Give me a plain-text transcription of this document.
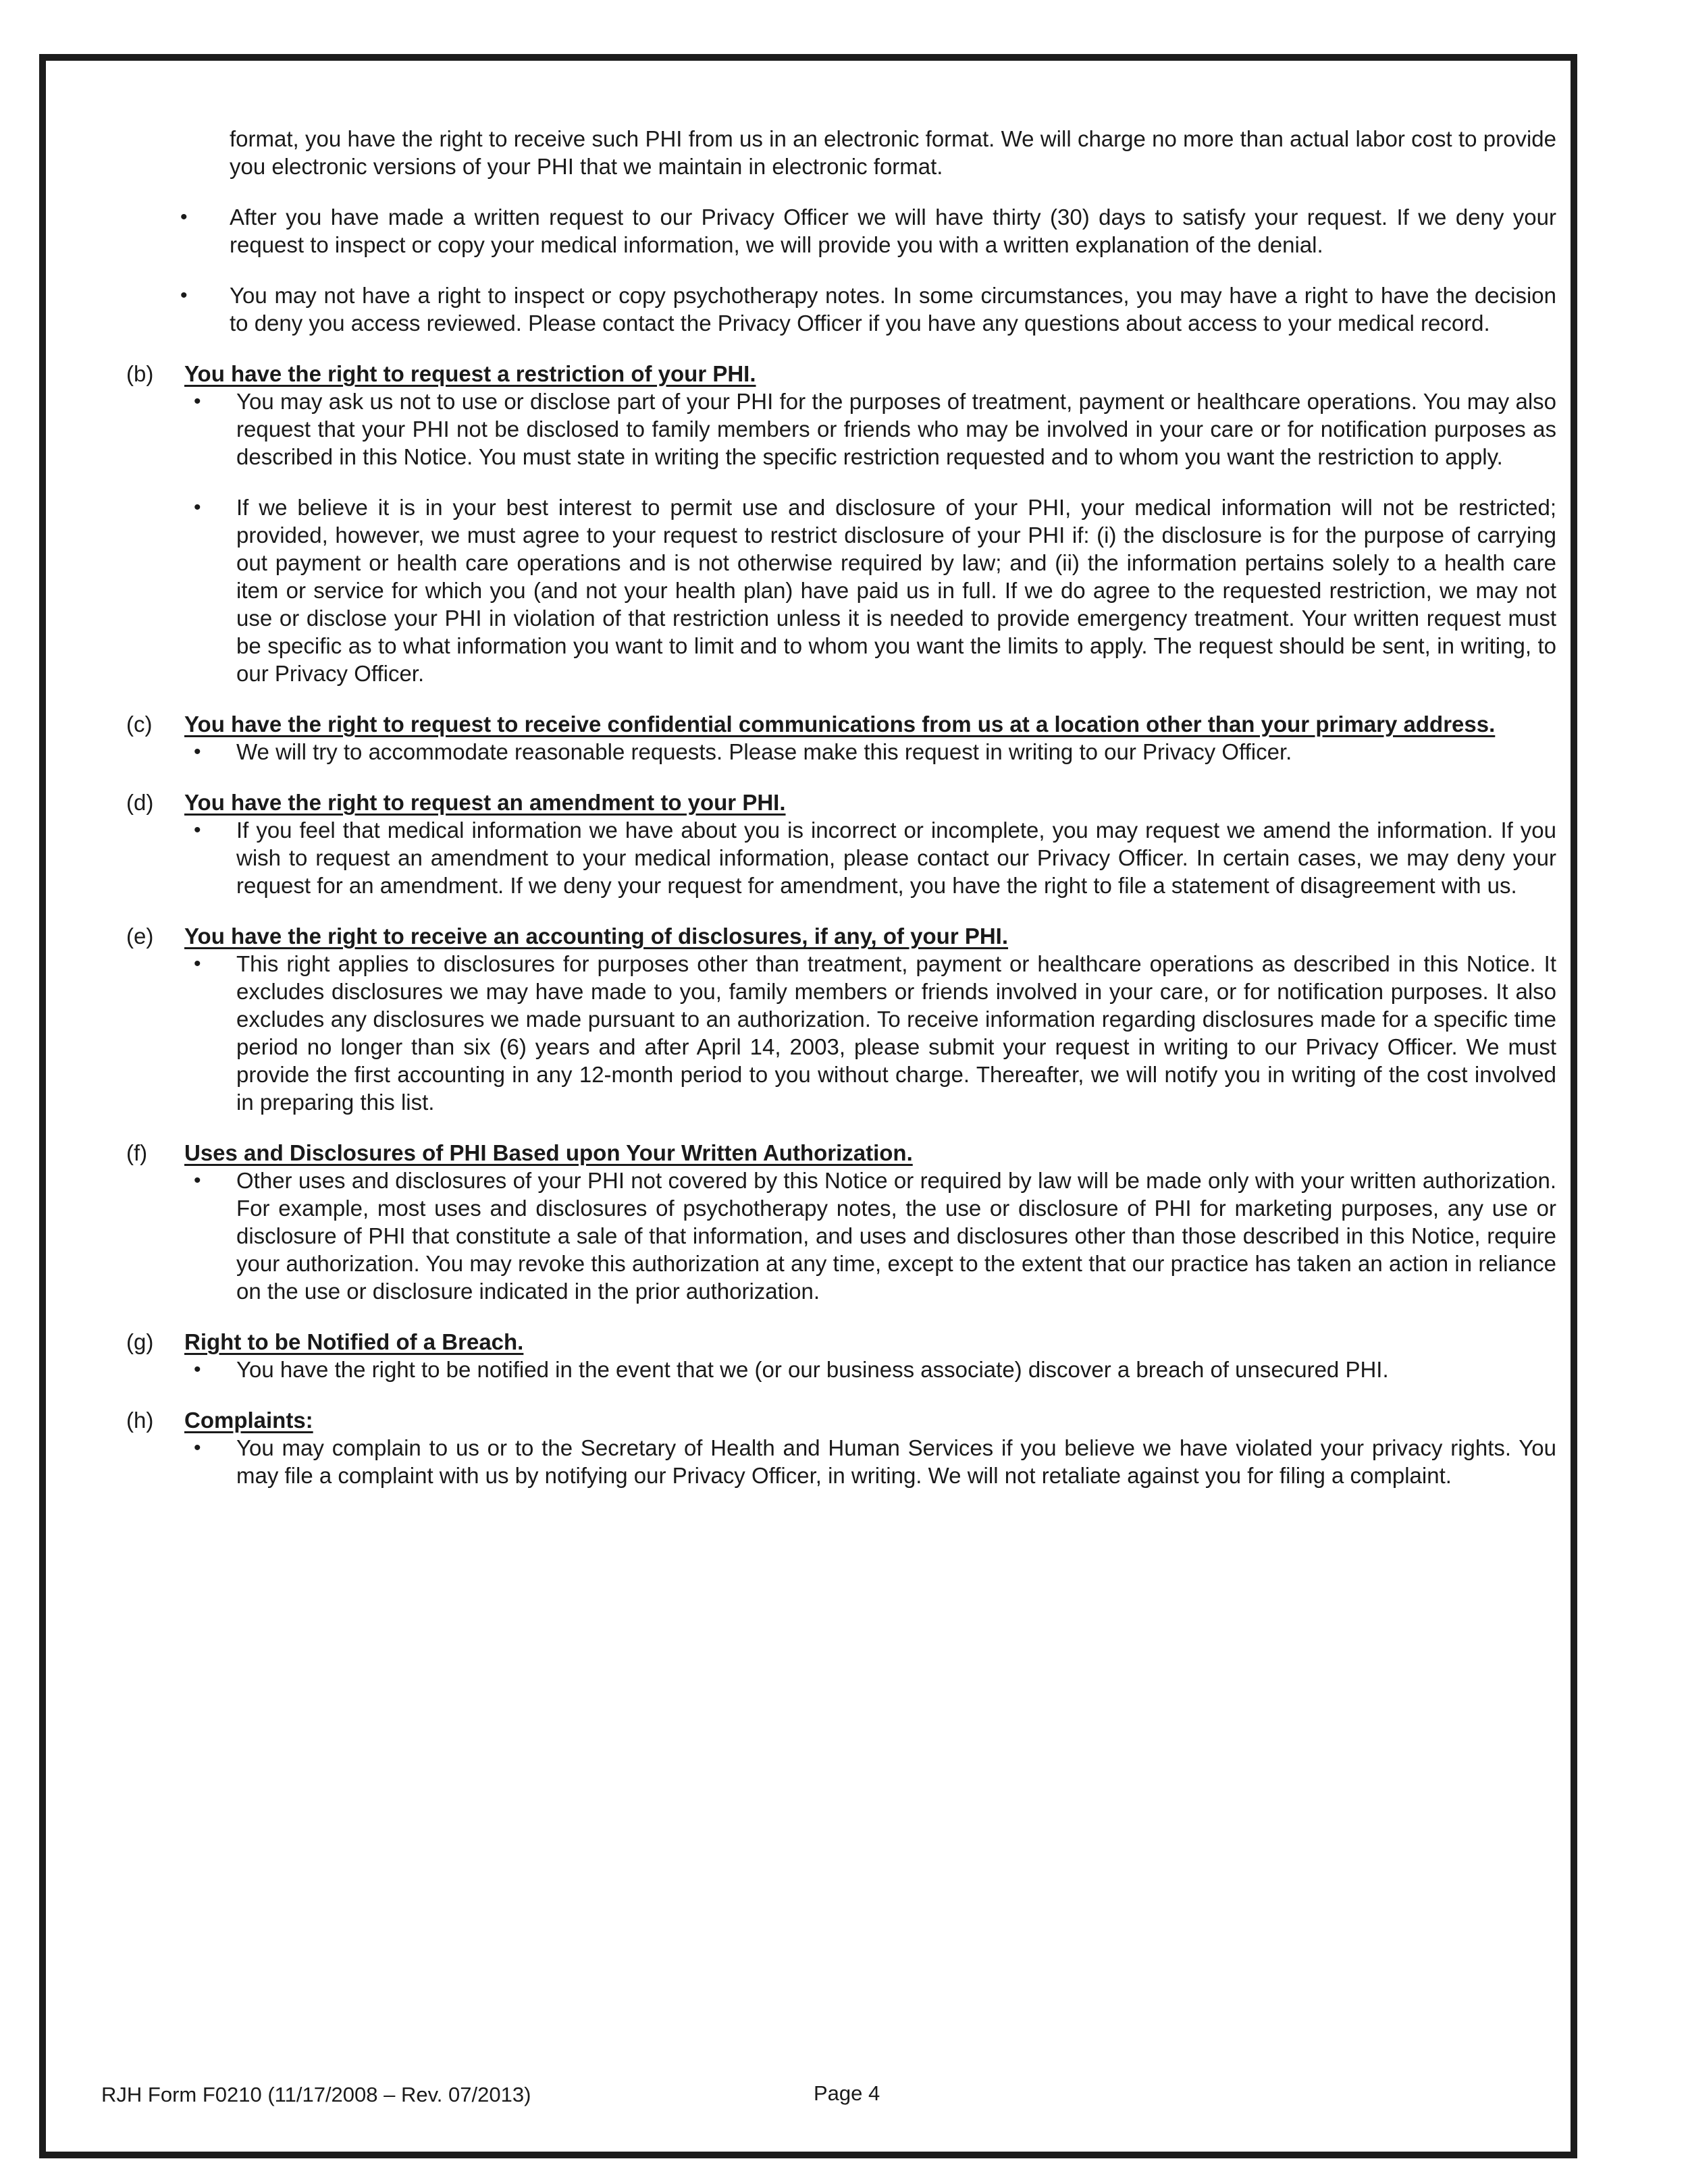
format, you have the right to receive such PHI from us in an electronic format. We will charge no more than actual labor cost to provide you electronic versions of your PHI that we maintain in electronic format.

• After you have made a written request to our Privacy Officer we will have thirty (30) days to satisfy your request. If we deny your request to inspect or copy your medical information, we will provide you with a written explanation of the denial.
• You may not have a right to inspect or copy psychotherapy notes. In some circumstances, you may have a right to have the decision to deny you access reviewed. Please contact the Privacy Officer if you have any questions about access to your medical record.
(b) You have the right to request a restriction of your PHI.
• You may ask us not to use or disclose part of your PHI for the purposes of treatment, payment or healthcare operations. You may also request that your PHI not be disclosed to family members or friends who may be involved in your care or for notification purposes as described in this Notice. You must state in writing the specific restriction requested and to whom you want the restriction to apply.
• If we believe it is in your best interest to permit use and disclosure of your PHI, your medical information will not be restricted; provided, however, we must agree to your request to restrict disclosure of your PHI if: (i) the disclosure is for the purpose of carrying out payment or health care operations and is not otherwise required by law; and (ii) the information pertains solely to a health care item or service for which you (and not your health plan) have paid us in full. If we do agree to the requested restriction, we may not use or disclose your PHI in violation of that restriction unless it is needed to provide emergency treatment. Your written request must be specific as to what information you want to limit and to whom you want the limits to apply. The request should be sent, in writing, to our Privacy Officer.
(c) You have the right to request to receive confidential communications from us at a location other than your primary address.
• We will try to accommodate reasonable requests. Please make this request in writing to our Privacy Officer.
(d) You have the right to request an amendment to your PHI.
• If you feel that medical information we have about you is incorrect or incomplete, you may request we amend the information. If you wish to request an amendment to your medical information, please contact our Privacy Officer. In certain cases, we may deny your request for an amendment. If we deny your request for amendment, you have the right to file a statement of disagreement with us.
(e) You have the right to receive an accounting of disclosures, if any, of your PHI.
• This right applies to disclosures for purposes other than treatment, payment or healthcare operations as described in this Notice. It excludes disclosures we may have made to you, family members or friends involved in your care, or for notification purposes. It also excludes any disclosures we made pursuant to an authorization. To receive information regarding disclosures made for a specific time period no longer than six (6) years and after April 14, 2003, please submit your request in writing to our Privacy Officer. We must provide the first accounting in any 12-month period to you without charge. Thereafter, we will notify you in writing of the cost involved in preparing this list.
(f) Uses and Disclosures of PHI Based upon Your Written Authorization.
• Other uses and disclosures of your PHI not covered by this Notice or required by law will be made only with your written authorization. For example, most uses and disclosures of psychotherapy notes, the use or disclosure of PHI for marketing purposes, any use or disclosure of PHI that constitute a sale of that information, and uses and disclosures other than those described in this Notice, require your authorization. You may revoke this authorization at any time, except to the extent that our practice has taken an action in reliance on the use or disclosure indicated in the prior authorization.
(g) Right to be Notified of a Breach.
• You have the right to be notified in the event that we (or our business associate) discover a breach of unsecured PHI.
(h) Complaints:
• You may complain to us or to the Secretary of Health and Human Services if you believe we have violated your privacy rights. You may file a complaint with us by notifying our Privacy Officer, in writing. We will not retaliate against you for filing a complaint.
RJH Form F0210 (11/17/2008 – Rev. 07/2013)	Page 4
